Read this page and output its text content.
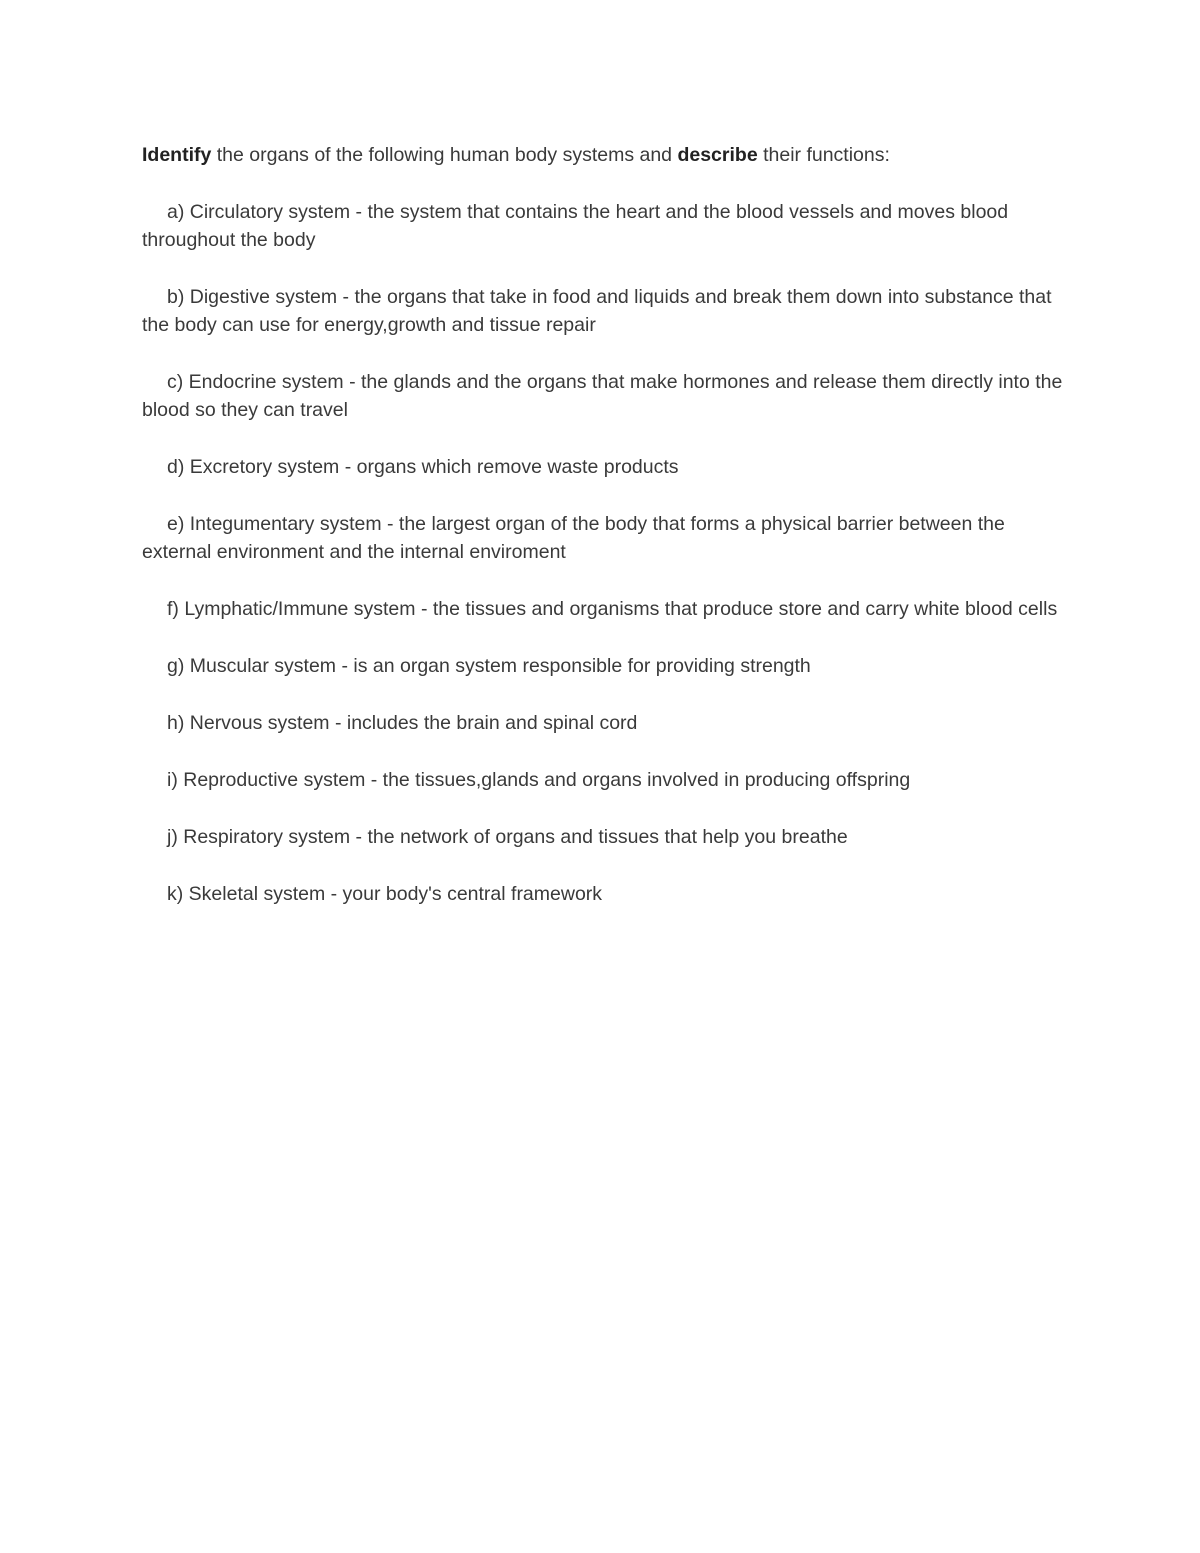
Identify the organs of the following human body systems and describe their functions:

a) Circulatory system - the system that contains the heart and the blood vessels and moves blood throughout the body
b) Digestive system - the organs that take in food and liquids and break them down into substance that the body can use for energy,growth and tissue repair
c) Endocrine system - the glands and the organs that make hormones and release them directly into the blood so they can travel
d) Excretory system - organs which remove waste products
e) Integumentary system - the largest organ of the body that forms a physical barrier between the external environment and the internal enviroment
f) Lymphatic/Immune system - the tissues and organisms that produce store and carry white blood cells
g) Muscular system - is an organ system responsible for providing strength
h) Nervous system - includes the brain and spinal cord
i) Reproductive system - the tissues,glands and organs involved in producing offspring
j) Respiratory system - the network of organs and tissues that help you breathe
k) Skeletal system - your body's central framework
